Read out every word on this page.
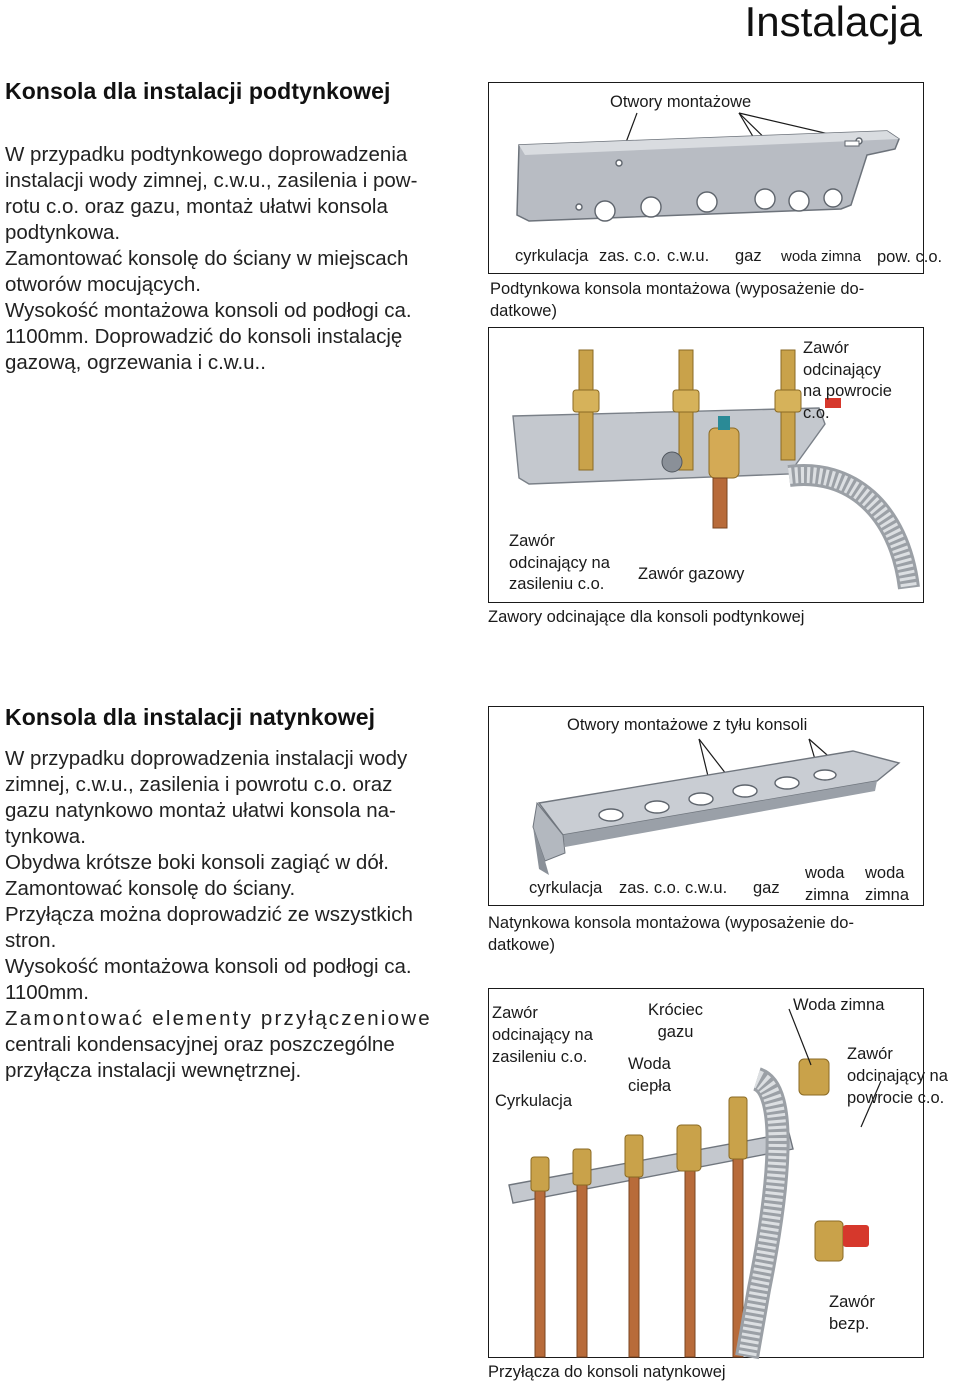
Instalacja
Konsola dla instalacji podtynkowej
W przypadku podtynkowego doprowadzenia
instalacji wody zimnej, c.w.u., zasilenia i pow-
rotu c.o. oraz gazu, montaż ułatwi konsola
podtynkowa.
Zamontować konsolę do ściany w miejscach
otworów mocujących.
Wysokość montażowa konsoli od podłogi ca.
1100mm. Doprowadzić do konsoli instalację
gazową, ogrzewania i c.w.u..
Otwory montażowe
cyrkulacja zas. c.o. c.w.u. gaz woda zimna pow. c.o.
Podtynkowa konsola montażowa (wyposażenie do-
datkowe)
Zawór
odcinający
na powrocie
c.o.
Zawór
odcinający na
zasileniu c.o.
Zawór gazowy
Zawory odcinające dla konsoli podtynkowej
Konsola dla instalacji natynkowej
W przypadku doprowadzenia instalacji wody
zimnej, c.w.u., zasilenia i powrotu c.o. oraz
gazu natynkowo montaż ułatwi konsola na-
tynkowa.
Obydwa krótsze boki konsoli zagiąć w dół.
Zamontować konsolę do ściany.
Przyłącza można doprowadzić ze wszystkich
stron.
Wysokość montażowa konsoli od podłogi ca.
1100mm.
Zamontować elementy przyłączeniowe
centrali kondensacyjnej oraz poszczególne
przyłącza instalacji wewnętrznej.
Otwory montażowe z tyłu konsoli
cyrkulacja zas. c.o. c.w.u. gaz
woda
zimna
woda
zimna
Natynkowa konsola montażowa (wyposażenie do-
datkowe)
Zawór
odcinający na
zasileniu c.o.
Króciec
gazu
Woda zimna
Zawór
odcinający na
powrocie c.o.
Woda
ciepła
Cyrkulacja
Zawór
bezp.
Przyłącza do konsoli natynkowej
